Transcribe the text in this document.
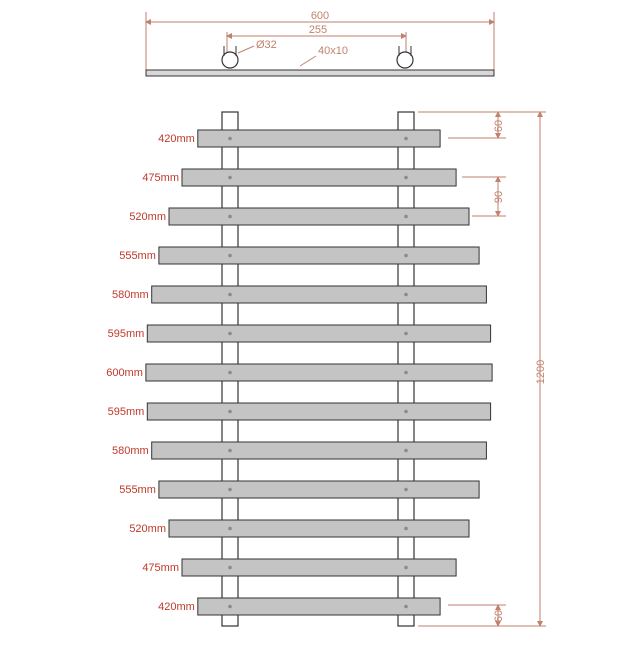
600
255
Ø32	40x10
420mm
475mm
520mm
555mm
580mm
595mm
600mm
595mm
580mm
555mm
520mm
475mm
420mm
60
90
1200
60
